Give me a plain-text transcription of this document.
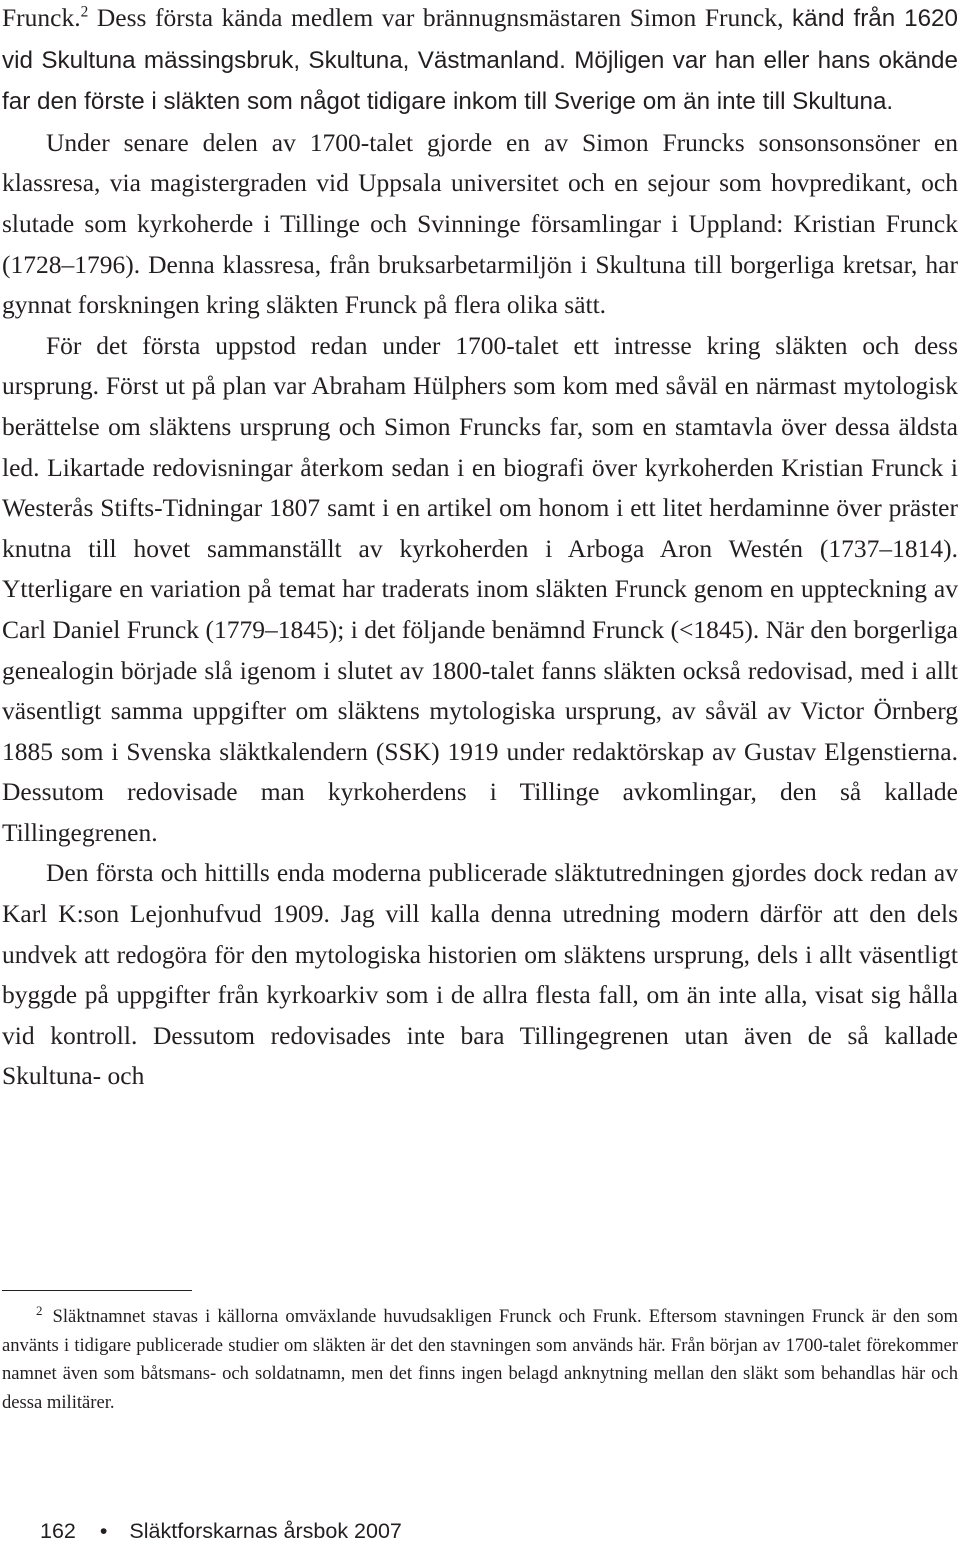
Frunck.$^2$ Dess första kända medlem var brännugnsmästaren Simon Frunck, känd från 1620 vid Skultuna mässingsbruk, Skultuna, Västmanland. Möjligen var han eller hans okände far den förste i släkten som något tidigare inkom till Sverige om än inte till Skultuna.

Under senare delen av 1700-talet gjorde en av Simon Fruncks sonsonsonsöner en klassresa, via magistergraden vid Uppsala universitet och en sejour som hovpredikant, och slutade som kyrkoherde i Tillinge och Svinninge församlingar i Uppland: Kristian Frunck (1728–1796). Denna klassresa, från bruksarbetarmiljön i Skultuna till borgerliga kretsar, har gynnat forskningen kring släkten Frunck på flera olika sätt.

För det första uppstod redan under 1700-talet ett intresse kring släkten och dess ursprung. Först ut på plan var Abraham Hülphers som kom med såväl en närmast mytologisk berättelse om släktens ursprung och Simon Fruncks far, som en stamtavla över dessa äldsta led. Likartade redovisningar återkom sedan i en biografi över kyrkoherden Kristian Frunck i Westerås Stifts-Tidningar 1807 samt i en artikel om honom i ett litet herdaminne över präster knutna till hovet sammanställt av kyrkoherden i Arboga Aron Westén (1737–1814). Ytterligare en variation på temat har traderats inom släkten Frunck genom en uppteckning av Carl Daniel Frunck (1779–1845); i det följande benämnd Frunck (<1845). När den borgerliga genealogin började slå igenom i slutet av 1800-talet fanns släkten också redovisad, med i allt väsentligt samma uppgifter om släktens mytologiska ursprung, av såväl av Victor Örnberg 1885 som i Svenska släktkalendern (SSK) 1919 under redaktörskap av Gustav Elgenstierna. Dessutom redovisade man kyrkoherdens i Tillinge avkomlingar, den så kallade Tillingegrenen.

Den första och hittills enda moderna publicerade släktutredningen gjordes dock redan av Karl K:son Lejonhufvud 1909. Jag vill kalla denna utredning modern därför att den dels undvek att redogöra för den mytologiska historien om släktens ursprung, dels i allt väsentligt byggde på uppgifter från kyrkoarkiv som i de allra flesta fall, om än inte alla, visat sig hålla vid kontroll. Dessutom redovisades inte bara Tillingegrenen utan även de så kallade Skultuna- och

$^2$ Släktnamnet stavas i källorna omväxlande huvudsakligen Frunck och Frunk. Eftersom stavningen Frunck är den som använts i tidigare publicerade studier om släkten är det den stavningen som används här. Från början av 1700-talet förekommer namnet även som båtsmans- och soldatnamn, men det finns ingen belagd anknytning mellan den släkt som behandlas här och dessa militärer.

162 • Släktforskarnas årsbok 2007
